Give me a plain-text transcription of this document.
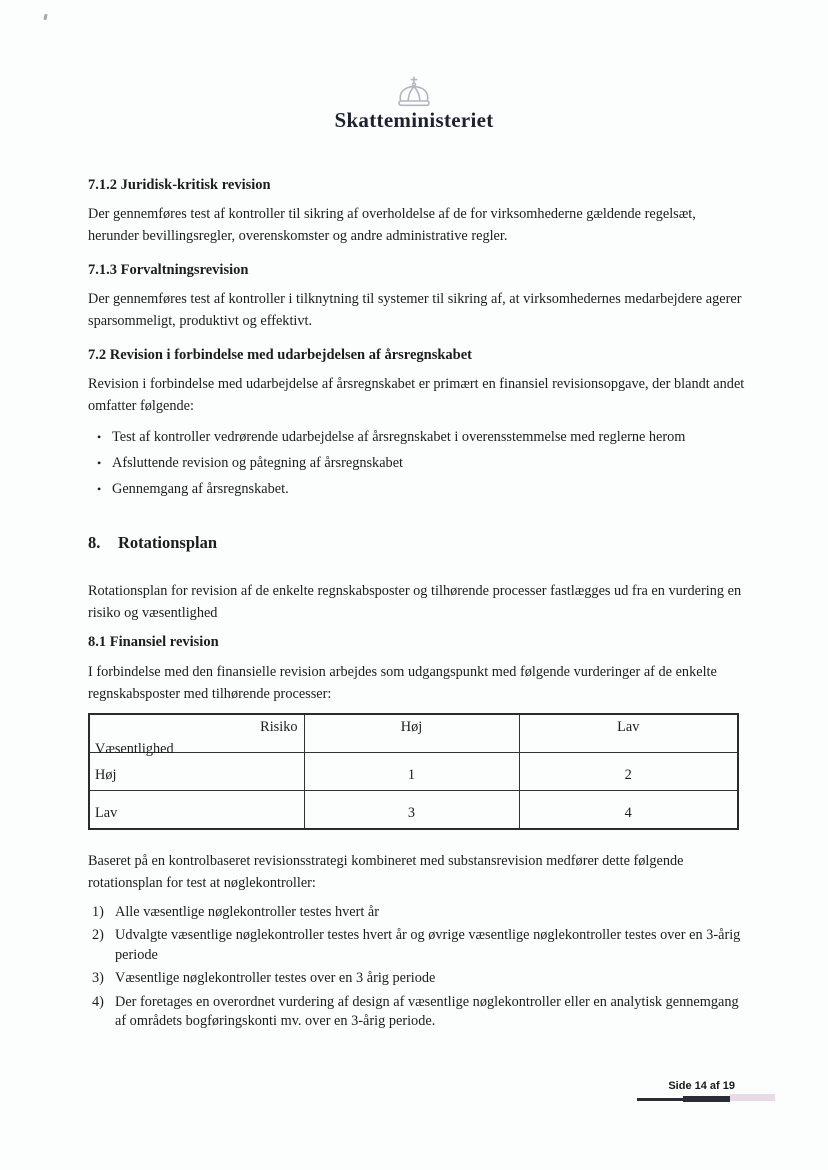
Skatteministeriet
7.1.2 Juridisk-kritisk revision

Der gennemføres test af kontroller til sikring af overholdelse af de for virksomhederne gældende regelsæt, herunder bevillingsregler, overenskomster og andre administrative regler.

7.1.3 Forvaltningsrevision

Der gennemføres test af kontroller i tilknytning til systemer til sikring af, at virksomhedernes medarbejdere agerer sparsommeligt, produktivt og effektivt.

7.2 Revision i forbindelse med udarbejdelsen af årsregnskabet

Revision i forbindelse med udarbejdelse af årsregnskabet er primært en finansiel revisionsopgave, der blandt andet omfatter følgende:

• Test af kontroller vedrørende udarbejdelse af årsregnskabet i overensstemmelse med reglerne herom
• Afsluttende revision og påtegning af årsregnskabet
• Gennemgang af årsregnskabet.
8. Rotationsplan

Rotationsplan for revision af de enkelte regnskabsposter og tilhørende processer fastlægges ud fra en vurdering en risiko og væsentlighed

8.1 Finansiel revision

I forbindelse med den finansielle revision arbejdes som udgangspunkt med følgende vurderinger af de enkelte regnskabsposter med tilhørende processer:

Risiko
Væsentlighed	Høj	Lav
Høj	1	2
Lav	3	4

Baseret på en kontrolbaseret revisionsstrategi kombineret med substansrevision medfører dette følgende rotationsplan for test at nøglekontroller:

1) Alle væsentlige nøglekontroller testes hvert år
2) Udvalgte væsentlige nøglekontroller testes hvert år og øvrige væsentlige nøglekontroller testes over en 3-årig periode
3) Væsentlige nøglekontroller testes over en 3 årig periode
4) Der foretages en overordnet vurdering af design af væsentlige nøglekontroller eller en analytisk gennemgang af områdets bogføringskonti mv. over en 3-årig periode.
Side 14 af 19
